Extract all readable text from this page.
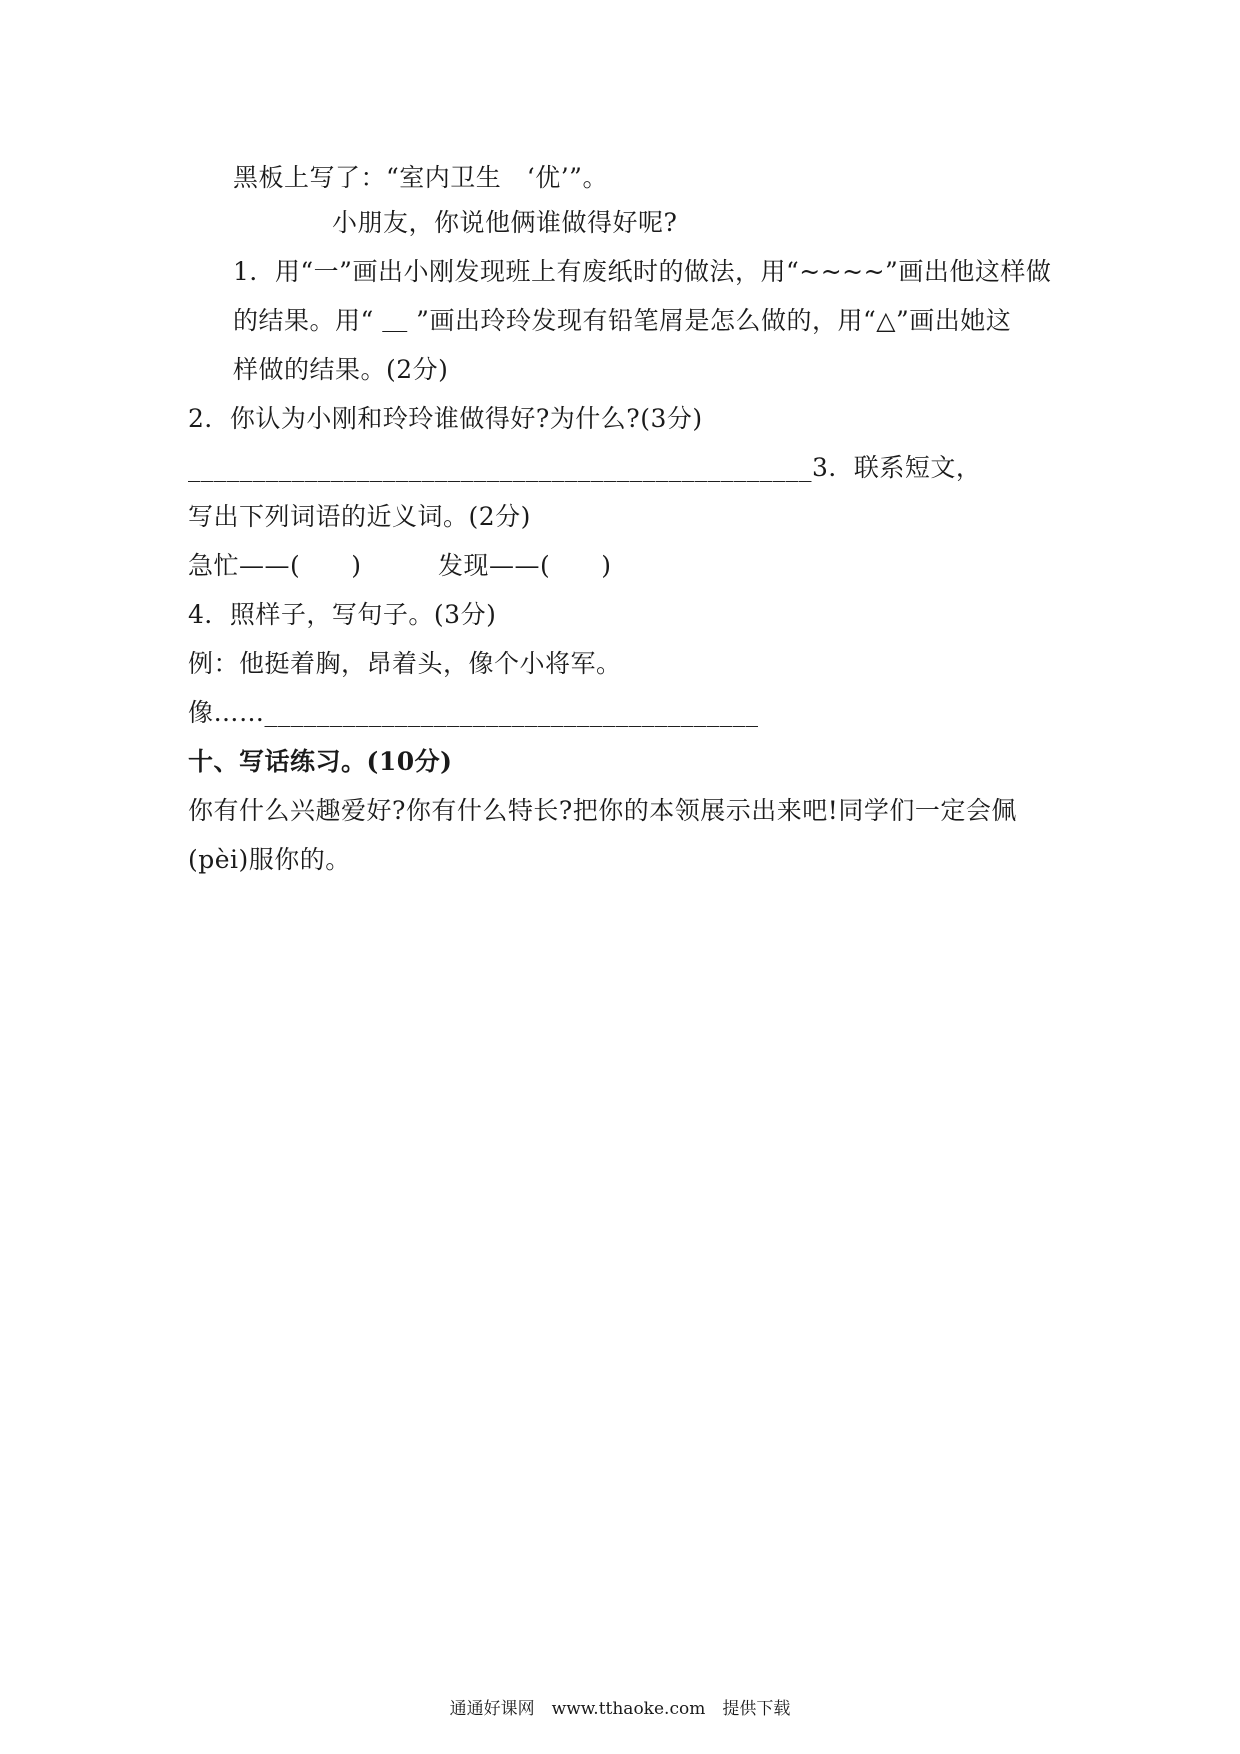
黑板上写了：“室内卫生　‘优’”。
小朋友，你说他俩谁做得好呢?
1．用“一”画出小刚发现班上有废纸时的做法，用“~~~~”画出他这样做
的结果。用“ ＿ ”画出玲玲发现有铅笔屑是怎么做的，用“△”画出她这
样做的结果。(2分)
2．你认为小刚和玲玲谁做得好?为什么?(3分)
________________________________________________3．联系短文，
写出下列词语的近义词。(2分)
急忙——(　　)　　　发现——(　　)
4．照样子，写句子。(3分)
例：他挺着胸，昂着头，像个小将军。
像……______________________________________
十、写话练习。(10分)
你有什么兴趣爱好?你有什么特长?把你的本领展示出来吧!同学们一定会佩
(pèi)服你的。
通通好课网　www.tthaoke.com　提供下载
